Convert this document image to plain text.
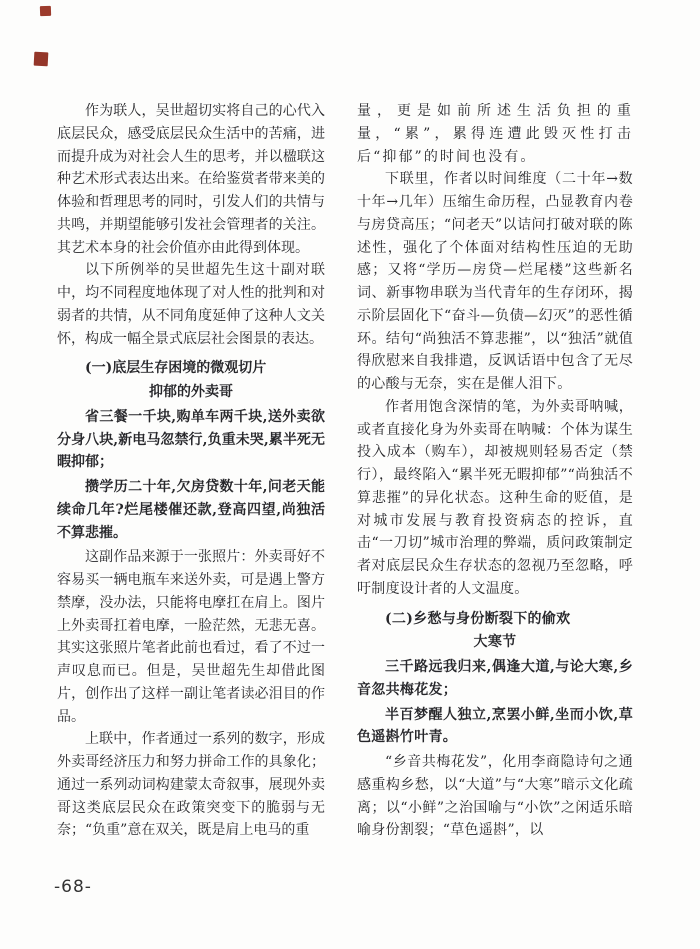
作为联人，吴世超切实将自己的心代入底层民众，感受底层民众生活中的苦痛，进而提升成为对社会人生的思考，并以楹联这种艺术形式表达出来。在给鉴赏者带来美的体验和哲理思考的同时，引发人们的共情与共鸣，并期望能够引发社会管理者的关注。其艺术本身的社会价值亦由此得到体现。

以下所例举的吴世超先生这十副对联中，均不同程度地体现了对人性的批判和对弱者的共情，从不同角度延伸了这种人文关怀，构成一幅全景式底层社会图景的表达。

(一)底层生存困境的微观切片

抑郁的外卖哥

省三餐一千块,购单车两千块,送外卖欲分身八块,新电马忽禁行,负重未哭,累半死无暇抑郁；

攒学历二十年,欠房贷数十年,问老天能续命几年?烂尾楼催还款,登高四望,尚独活不算悲摧。

这副作品来源于一张照片：外卖哥好不容易买一辆电瓶车来送外卖，可是遇上警方禁摩，没办法，只能将电摩扛在肩上。图片上外卖哥扛着电摩，一脸茫然，无悲无喜。其实这张照片笔者此前也看过，看了不过一声叹息而已。但是，吴世超先生却借此图片，创作出了这样一副让笔者读必泪目的作品。

上联中，作者通过一系列的数字，形成外卖哥经济压力和努力拼命工作的具象化；通过一系列动词构建蒙太奇叙事，展现外卖哥这类底层民众在政策突变下的脆弱与无奈；“负重”意在双关，既是肩上电马的重

量，更是如前所述生活负担的重量，“累”，累得连遭此毁灭性打击后“抑郁”的时间也没有。

下联里，作者以时间维度（二十年→数十年→几年）压缩生命历程，凸显教育内卷与房贷高压；“问老天”以诘问打破对联的陈述性，强化了个体面对结构性压迫的无助感；又将“学历—房贷—烂尾楼”这些新名词、新事物串联为当代青年的生存闭环，揭示阶层固化下“奋斗—负债—幻灭”的恶性循环。结句“尚独活不算悲摧”，以“独活”就值得欣慰来自我排遣，反讽话语中包含了无尽的心酸与无奈，实在是催人泪下。

作者用饱含深情的笔，为外卖哥呐喊，或者直接化身为外卖哥在呐喊：个体为谋生投入成本（购车），却被规则轻易否定（禁行），最终陷入“累半死无暇抑郁”“尚独活不算悲摧”的异化状态。这种生命的贬值，是对城市发展与教育投资病态的控诉，直击“一刀切”城市治理的弊端，质问政策制定者对底层民众生存状态的忽视乃至忽略，呼吁制度设计者的人文温度。

(二)乡愁与身份断裂下的偷欢

大寒节

三千路远我归来,偶逢大道,与论大寒,乡音忽共梅花发；

半百梦醒人独立,烹罢小鲜,坐而小饮,草色遥斟竹叶青。

“乡音共梅花发”，化用李商隐诗句之通感重构乡愁，以“大道”与“大寒”暗示文化疏离；以“小鲜”之治国喻与“小饮”之闲适乐暗喻身份割裂；“草色遥斟”，以

-68-
